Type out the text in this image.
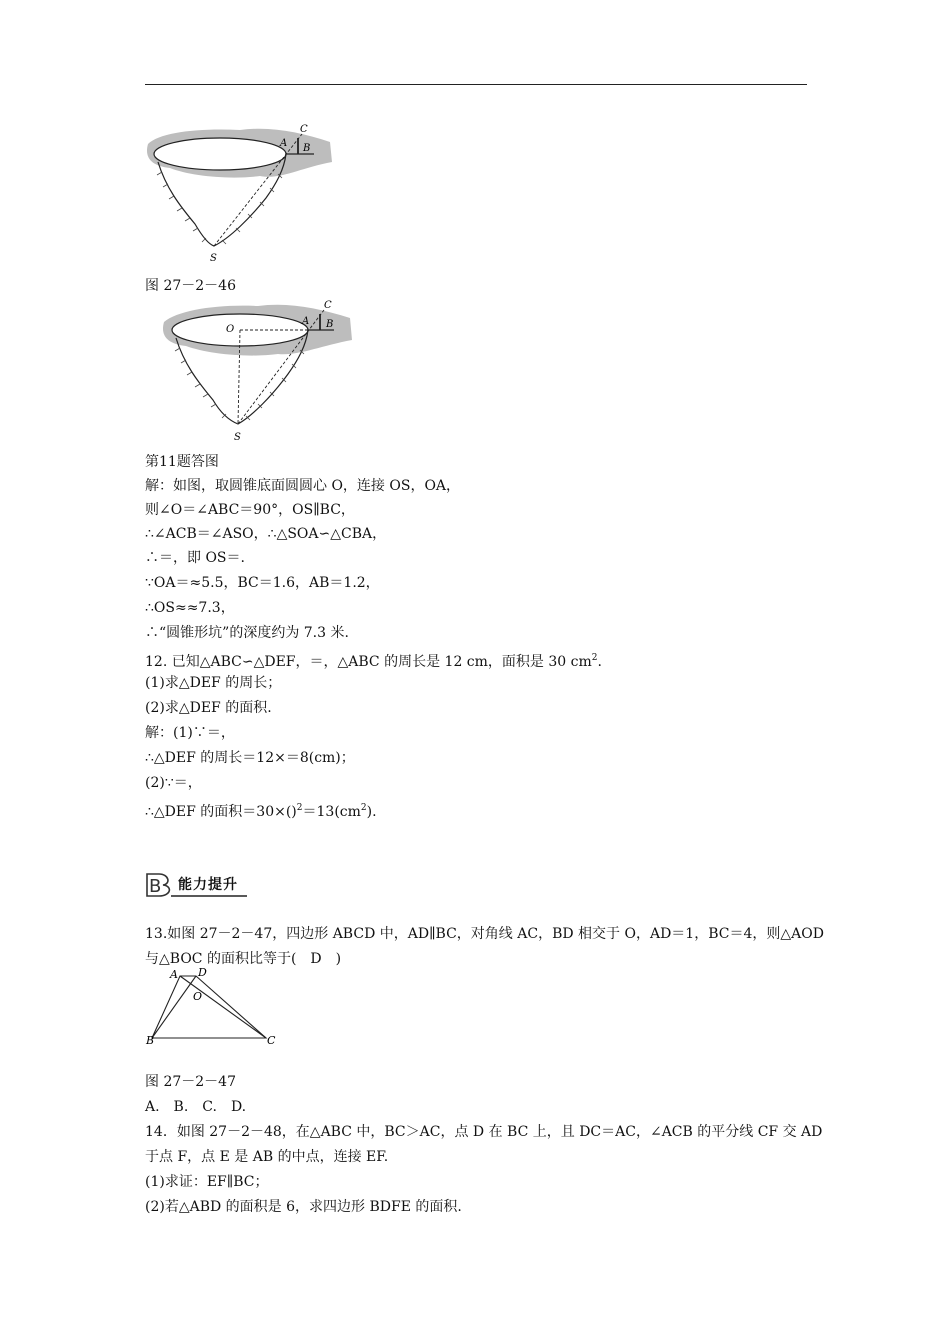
A B
C
S
图 27－2－46
O
A B
C
S
第11题答图
解：如图，取圆锥底面圆圆心 O，连接 OS，OA，
则∠O＝∠ABC＝90°，OS∥BC，
∴∠ACB＝∠ASO，∴△SOA∽△CBA，
∴＝，即 OS＝.
∵OA＝≈5.5，BC＝1.6，AB＝1.2，
∴OS≈≈7.3，
∴“圆锥形坑”的深度约为 7.3 米.
12. 已知△ABC∽△DEF，＝，△ABC 的周长是 12 cm，面积是 30 $cm^2$.
(1)求△DEF 的周长；
(2)求△DEF 的面积.
解：(1)∵＝，
∴△DEF 的周长＝12×＝8(cm)；
(2)∵＝，
∴△DEF 的面积$=30\times()^2=13(cm^2)$.
B 能力提升
13.如图 27－2－47，四边形 ABCD 中，AD∥BC，对角线 AC，BD 相交于 O，AD＝1，BC＝4，则△AOD
与△BOC 的面积比等于(　D　)
A D
O
B	C
图 27－2－47
A.　B.　C.　D.
14．如图 27－2－48，在△ABC 中，BC＞AC，点 D 在 BC 上，且 DC＝AC，∠ACB 的平分线 CF 交 AD
于点 F，点 E 是 AB 的中点，连接 EF.
(1)求证：EF∥BC；
(2)若△ABD 的面积是 6，求四边形 BDFE 的面积.
